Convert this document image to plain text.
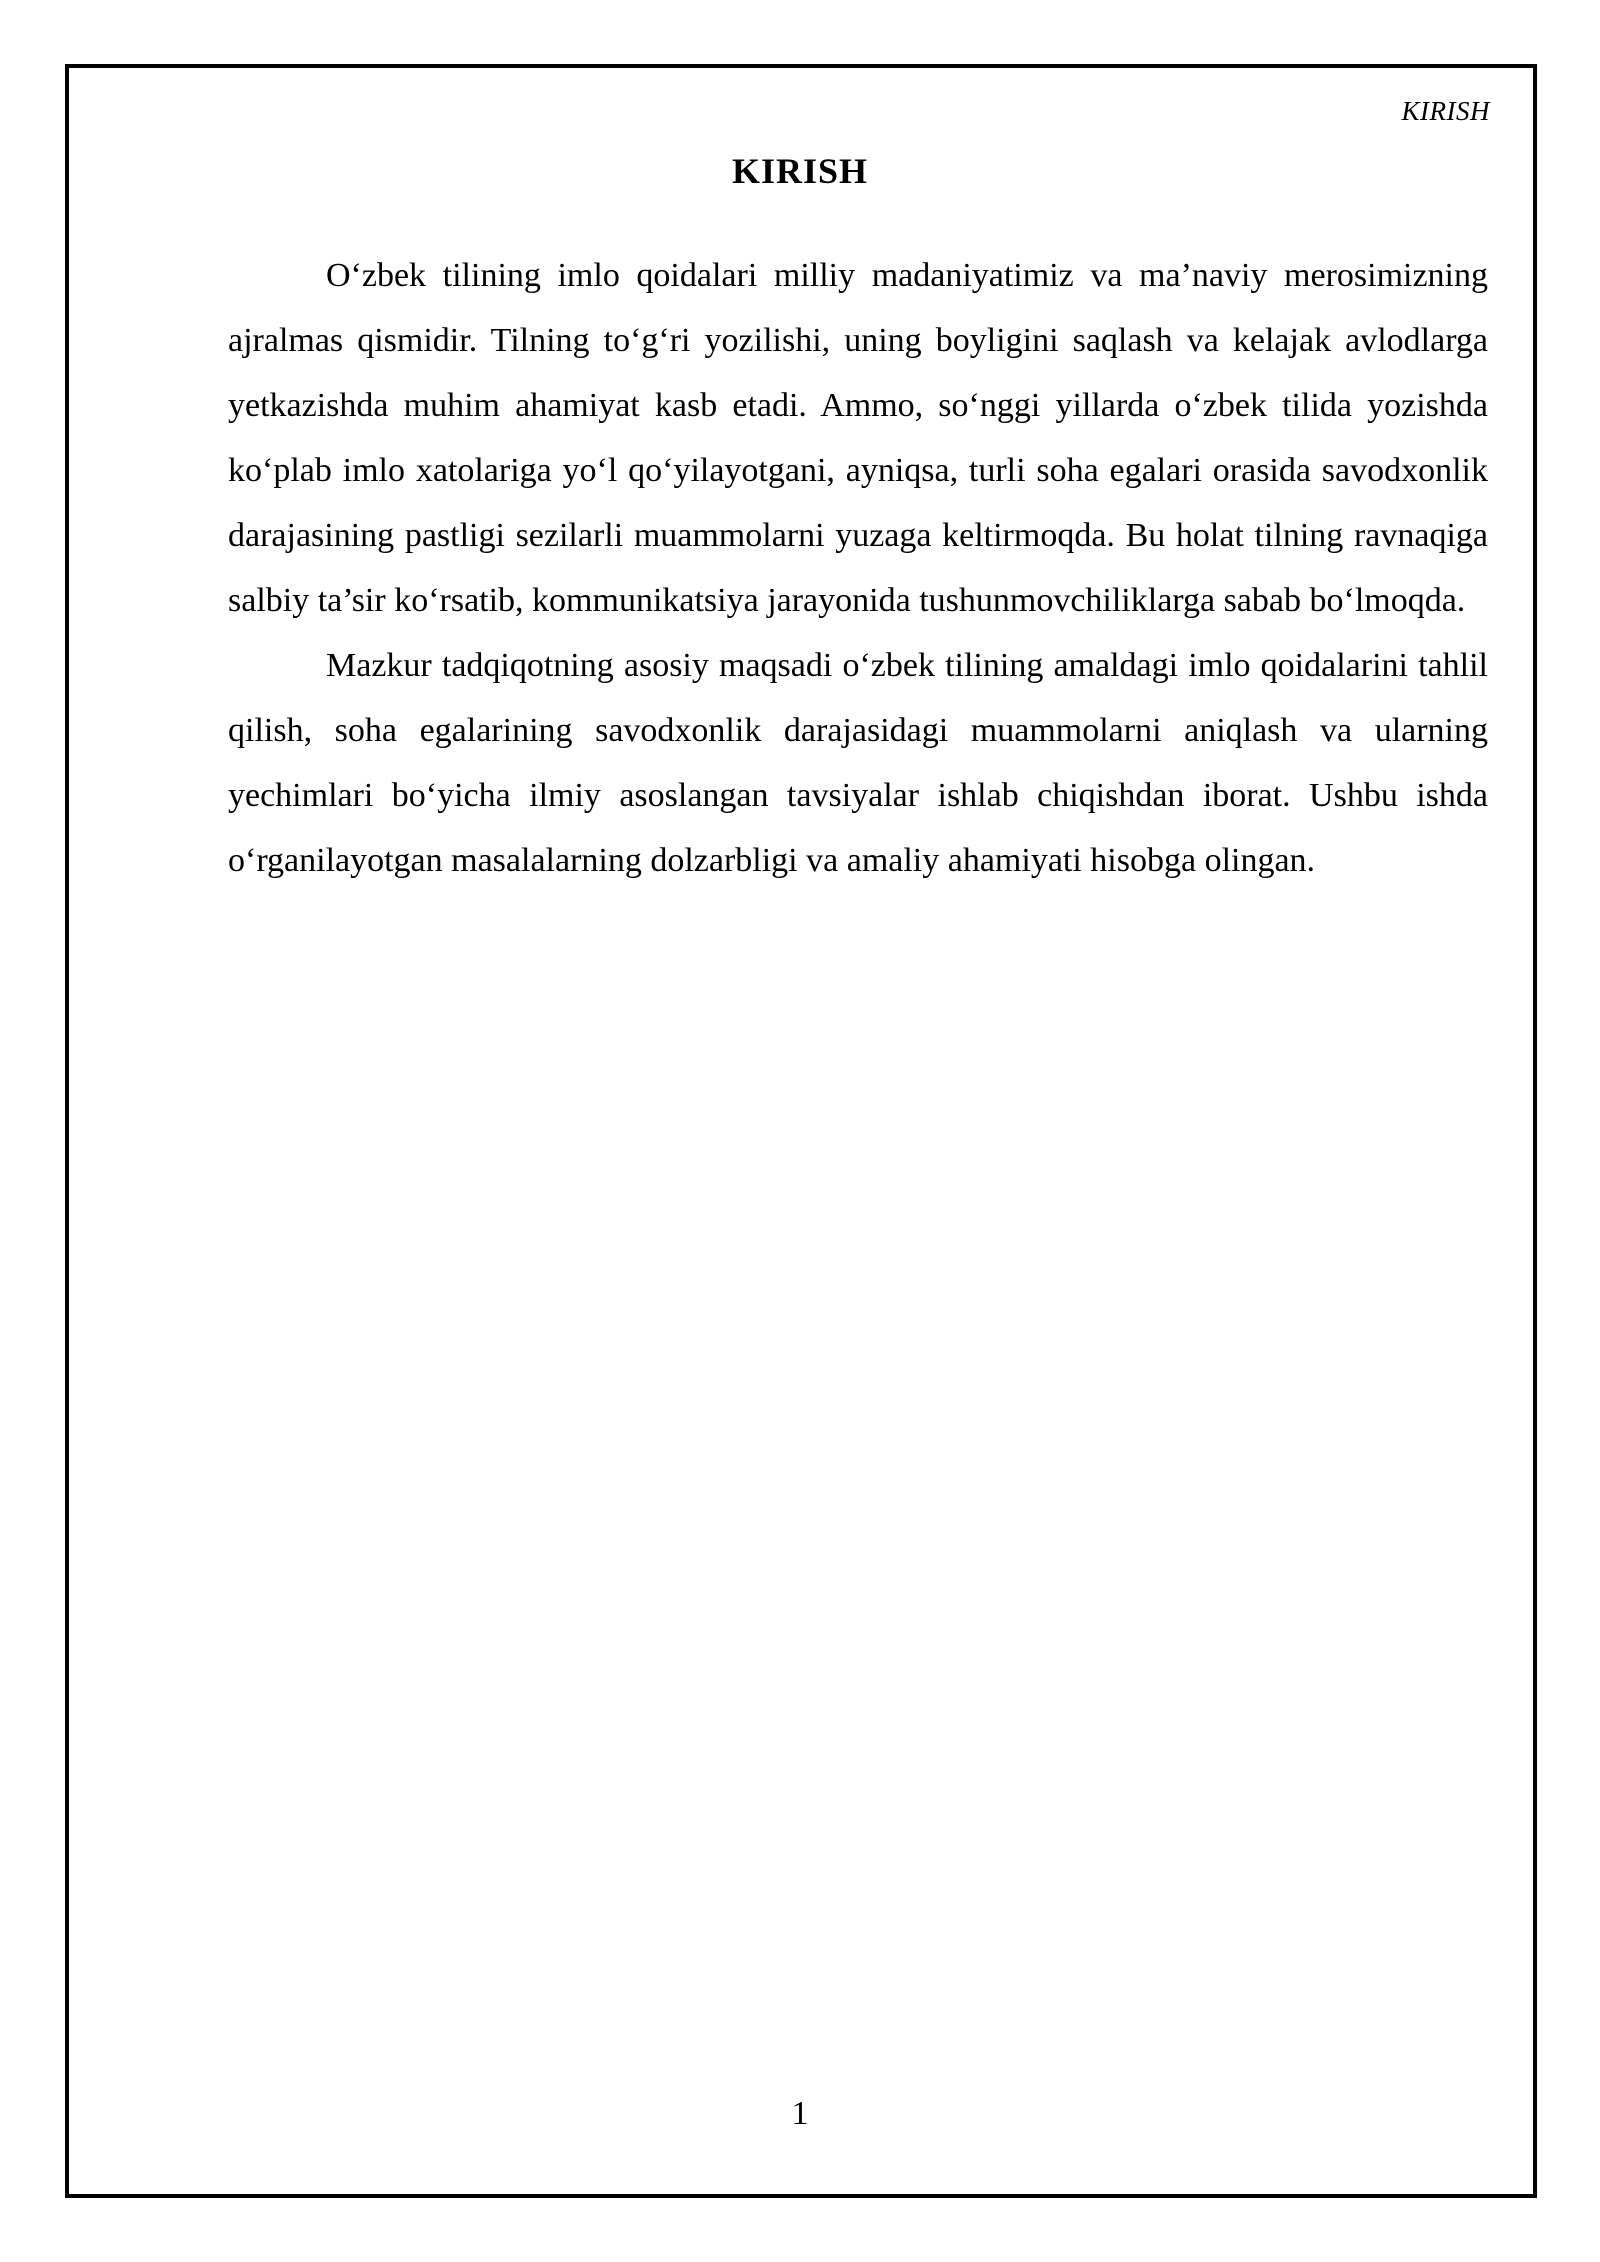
KIRISH
KIRISH

O‘zbek tilining imlo qoidalari milliy madaniyatimiz va ma’naviy merosimizning ajralmas qismidir. Tilning to‘g‘ri yozilishi, uning boyligini saqlash va kelajak avlodlarga yetkazishda muhim ahamiyat kasb etadi. Ammo, so‘nggi yillarda o‘zbek tilida yozishda ko‘plab imlo xatolariga yo‘l qo‘yilayotgani, ayniqsa, turli soha egalari orasida savodxonlik darajasining pastligi sezilarli muammolarni yuzaga keltirmoqda. Bu holat tilning ravnaqiga salbiy ta’sir ko‘rsatib, kommunikatsiya jarayonida tushunmovchiliklarga sabab bo‘lmoqda.

Mazkur tadqiqotning asosiy maqsadi o‘zbek tilining amaldagi imlo qoidalarini tahlil qilish, soha egalarining savodxonlik darajasidagi muammolarni aniqlash va ularning yechimlari bo‘yicha ilmiy asoslangan tavsiyalar ishlab chiqishdan iborat. Ushbu ishda o‘rganilayotgan masalalarning dolzarbligi va amaliy ahamiyati hisobga olingan.

1
